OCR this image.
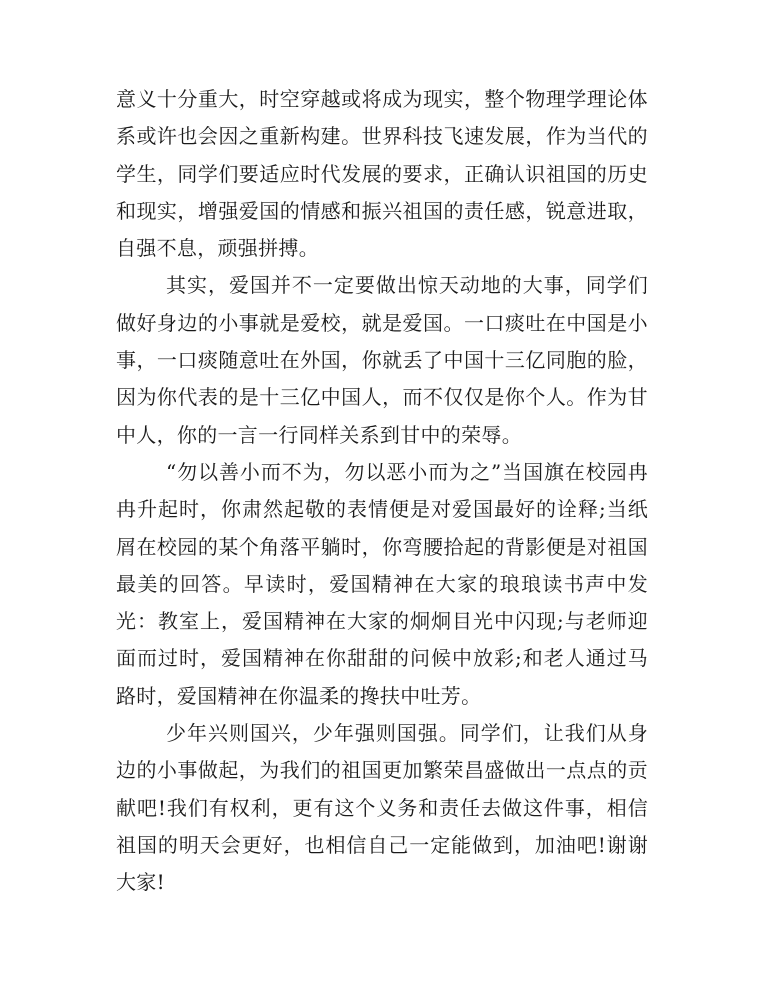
意义十分重大，时空穿越或将成为现实，整个物理学理论体系或许也会因之重新构建。世界科技飞速发展，作为当代的学生，同学们要适应时代发展的要求，正确认识祖国的历史和现实，增强爱国的情感和振兴祖国的责任感，锐意进取，自强不息，顽强拼搏。

其实，爱国并不一定要做出惊天动地的大事，同学们做好身边的小事就是爱校，就是爱国。一口痰吐在中国是小事，一口痰随意吐在外国，你就丢了中国十三亿同胞的脸，因为你代表的是十三亿中国人，而不仅仅是你个人。作为甘中人，你的一言一行同样关系到甘中的荣辱。

“勿以善小而不为，勿以恶小而为之”当国旗在校园冉冉升起时，你肃然起敬的表情便是对爱国最好的诠释;当纸屑在校园的某个角落平躺时，你弯腰拾起的背影便是对祖国最美的回答。早读时，爱国精神在大家的琅琅读书声中发光：教室上，爱国精神在大家的炯炯目光中闪现;与老师迎面而过时，爱国精神在你甜甜的问候中放彩;和老人通过马路时，爱国精神在你温柔的搀扶中吐芳。

少年兴则国兴，少年强则国强。同学们，让我们从身边的小事做起，为我们的祖国更加繁荣昌盛做出一点点的贡献吧!我们有权利，更有这个义务和责任去做这件事，相信祖国的明天会更好，也相信自己一定能做到，加油吧!谢谢大家!
